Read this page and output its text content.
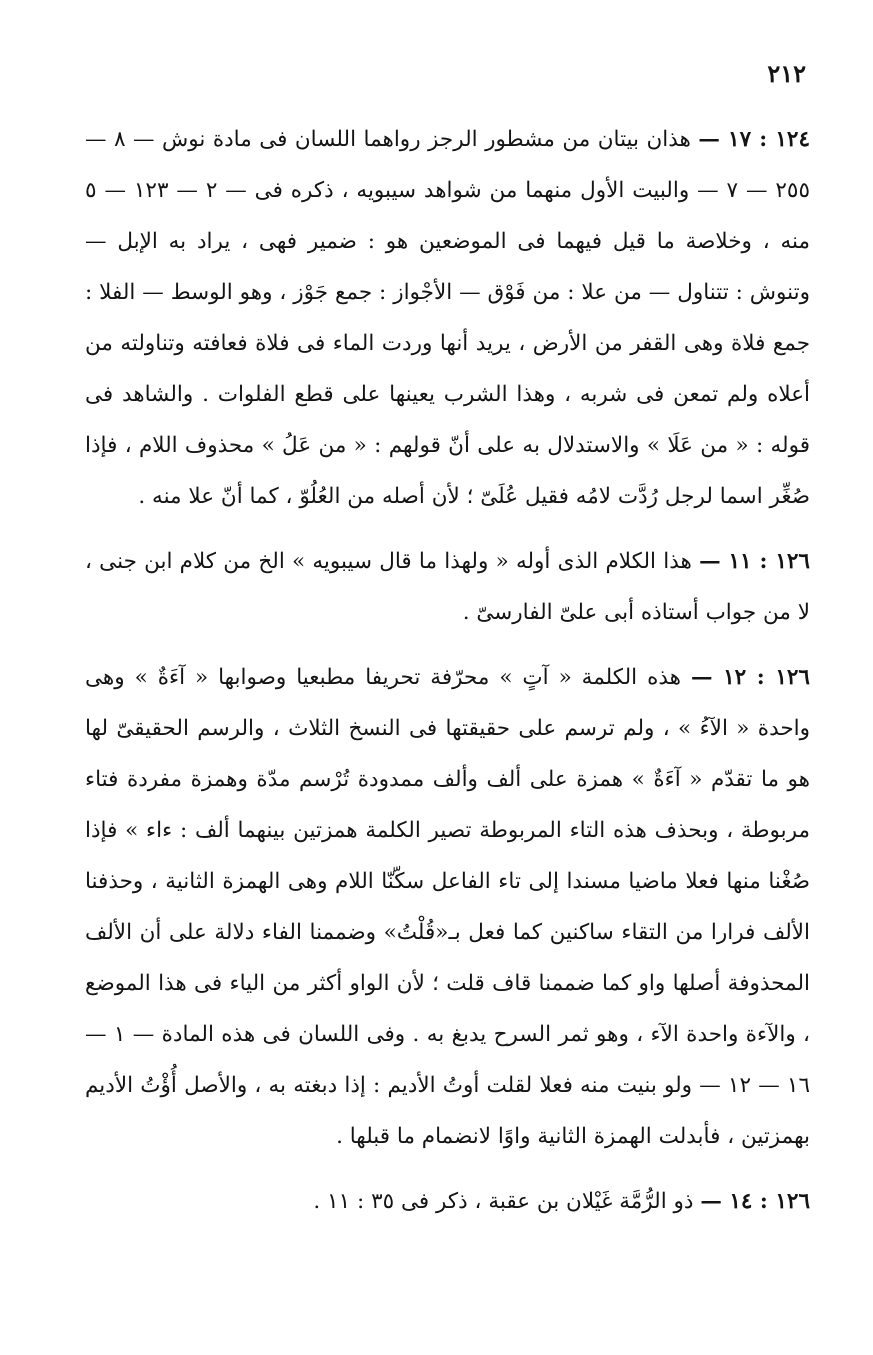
٢١٢

١٢٤ : ١٧ — هذان بيتان من مشطور الرجز رواهما اللسان فى مادة نوش — ٨ — ٢٥٥ — ٧ — والبيت الأول منهما من شواهد سيبويه ، ذكره فى — ٢ — ١٢٣ — ٥ منه ، وخلاصة ما قيل فيهما فى الموضعين هو : ضمير فهى ، يراد به الإبل — وتنوش : تتناول — من علا : من فَوْق — الأجْواز : جمع جَوْز ، وهو الوسط — الفلا : جمع فلاة وهى القفر من الأرض ، يريد أنها وردت الماء فى فلاة فعافته وتناولته من أعلاه ولم تمعن فى شربه ، وهذا الشرب يعينها على قطع الفلوات . والشاهد فى قوله : « من عَلَا » والاستدلال به على أنّ قولهم : « من عَلُ » محذوف اللام ، فإذا صُغِّر اسما لرجل رُدَّت لامُه فقيل عُلَىّ ؛ لأن أصله من العُلُوّ ، كما أنّ علا منه .

١٢٦ : ١١ — هذا الكلام الذى أوله « ولهذا ما قال سيبويه » الخ من كلام ابن جنى ، لا من جواب أستاذه أبى علىّ الفارسىّ .

١٢٦ : ١٢ — هذه الكلمة « آتٍ » محرّفة تحريفا مطبعيا وصوابها « آءَةٌ » وهى واحدة « الآءُ » ، ولم ترسم على حقيقتها فى النسخ الثلاث ، والرسم الحقيقىّ لها هو ما تقدّم « آءَةٌ » همزة على ألف وألف ممدودة تُرْسم مدّة وهمزة مفردة فتاء مربوطة ، وبحذف هذه التاء المربوطة تصير الكلمة همزتين بينهما ألف : ءاء » فإذا صُغْنا منها فعلا ماضيا مسندا إلى تاء الفاعل سكّنّا اللام وهى الهمزة الثانية ، وحذفنا الألف فرارا من التقاء ساكنين كما فعل بـ«قُلْتُ» وضممنا الفاء دلالة على أن الألف المحذوفة أصلها واو كما ضممنا قاف قلت ؛ لأن الواو أكثر من الياء فى هذا الموضع ، والآءة واحدة الآء ، وهو ثمر السرح يدبغ به . وفى اللسان فى هذه المادة — ١ — ١٦ — ١٢ — ولو بنيت منه فعلا لقلت أوتُ الأديم : إذا دبغته به ، والأصل أُؤْتُ الأديم بهمزتين ، فأبدلت الهمزة الثانية واوًا لانضمام ما قبلها .

١٢٦ : ١٤ — ذو الرُّمَّة غَيْلان بن عقبة ، ذكر فى ٣٥ : ١١ .
